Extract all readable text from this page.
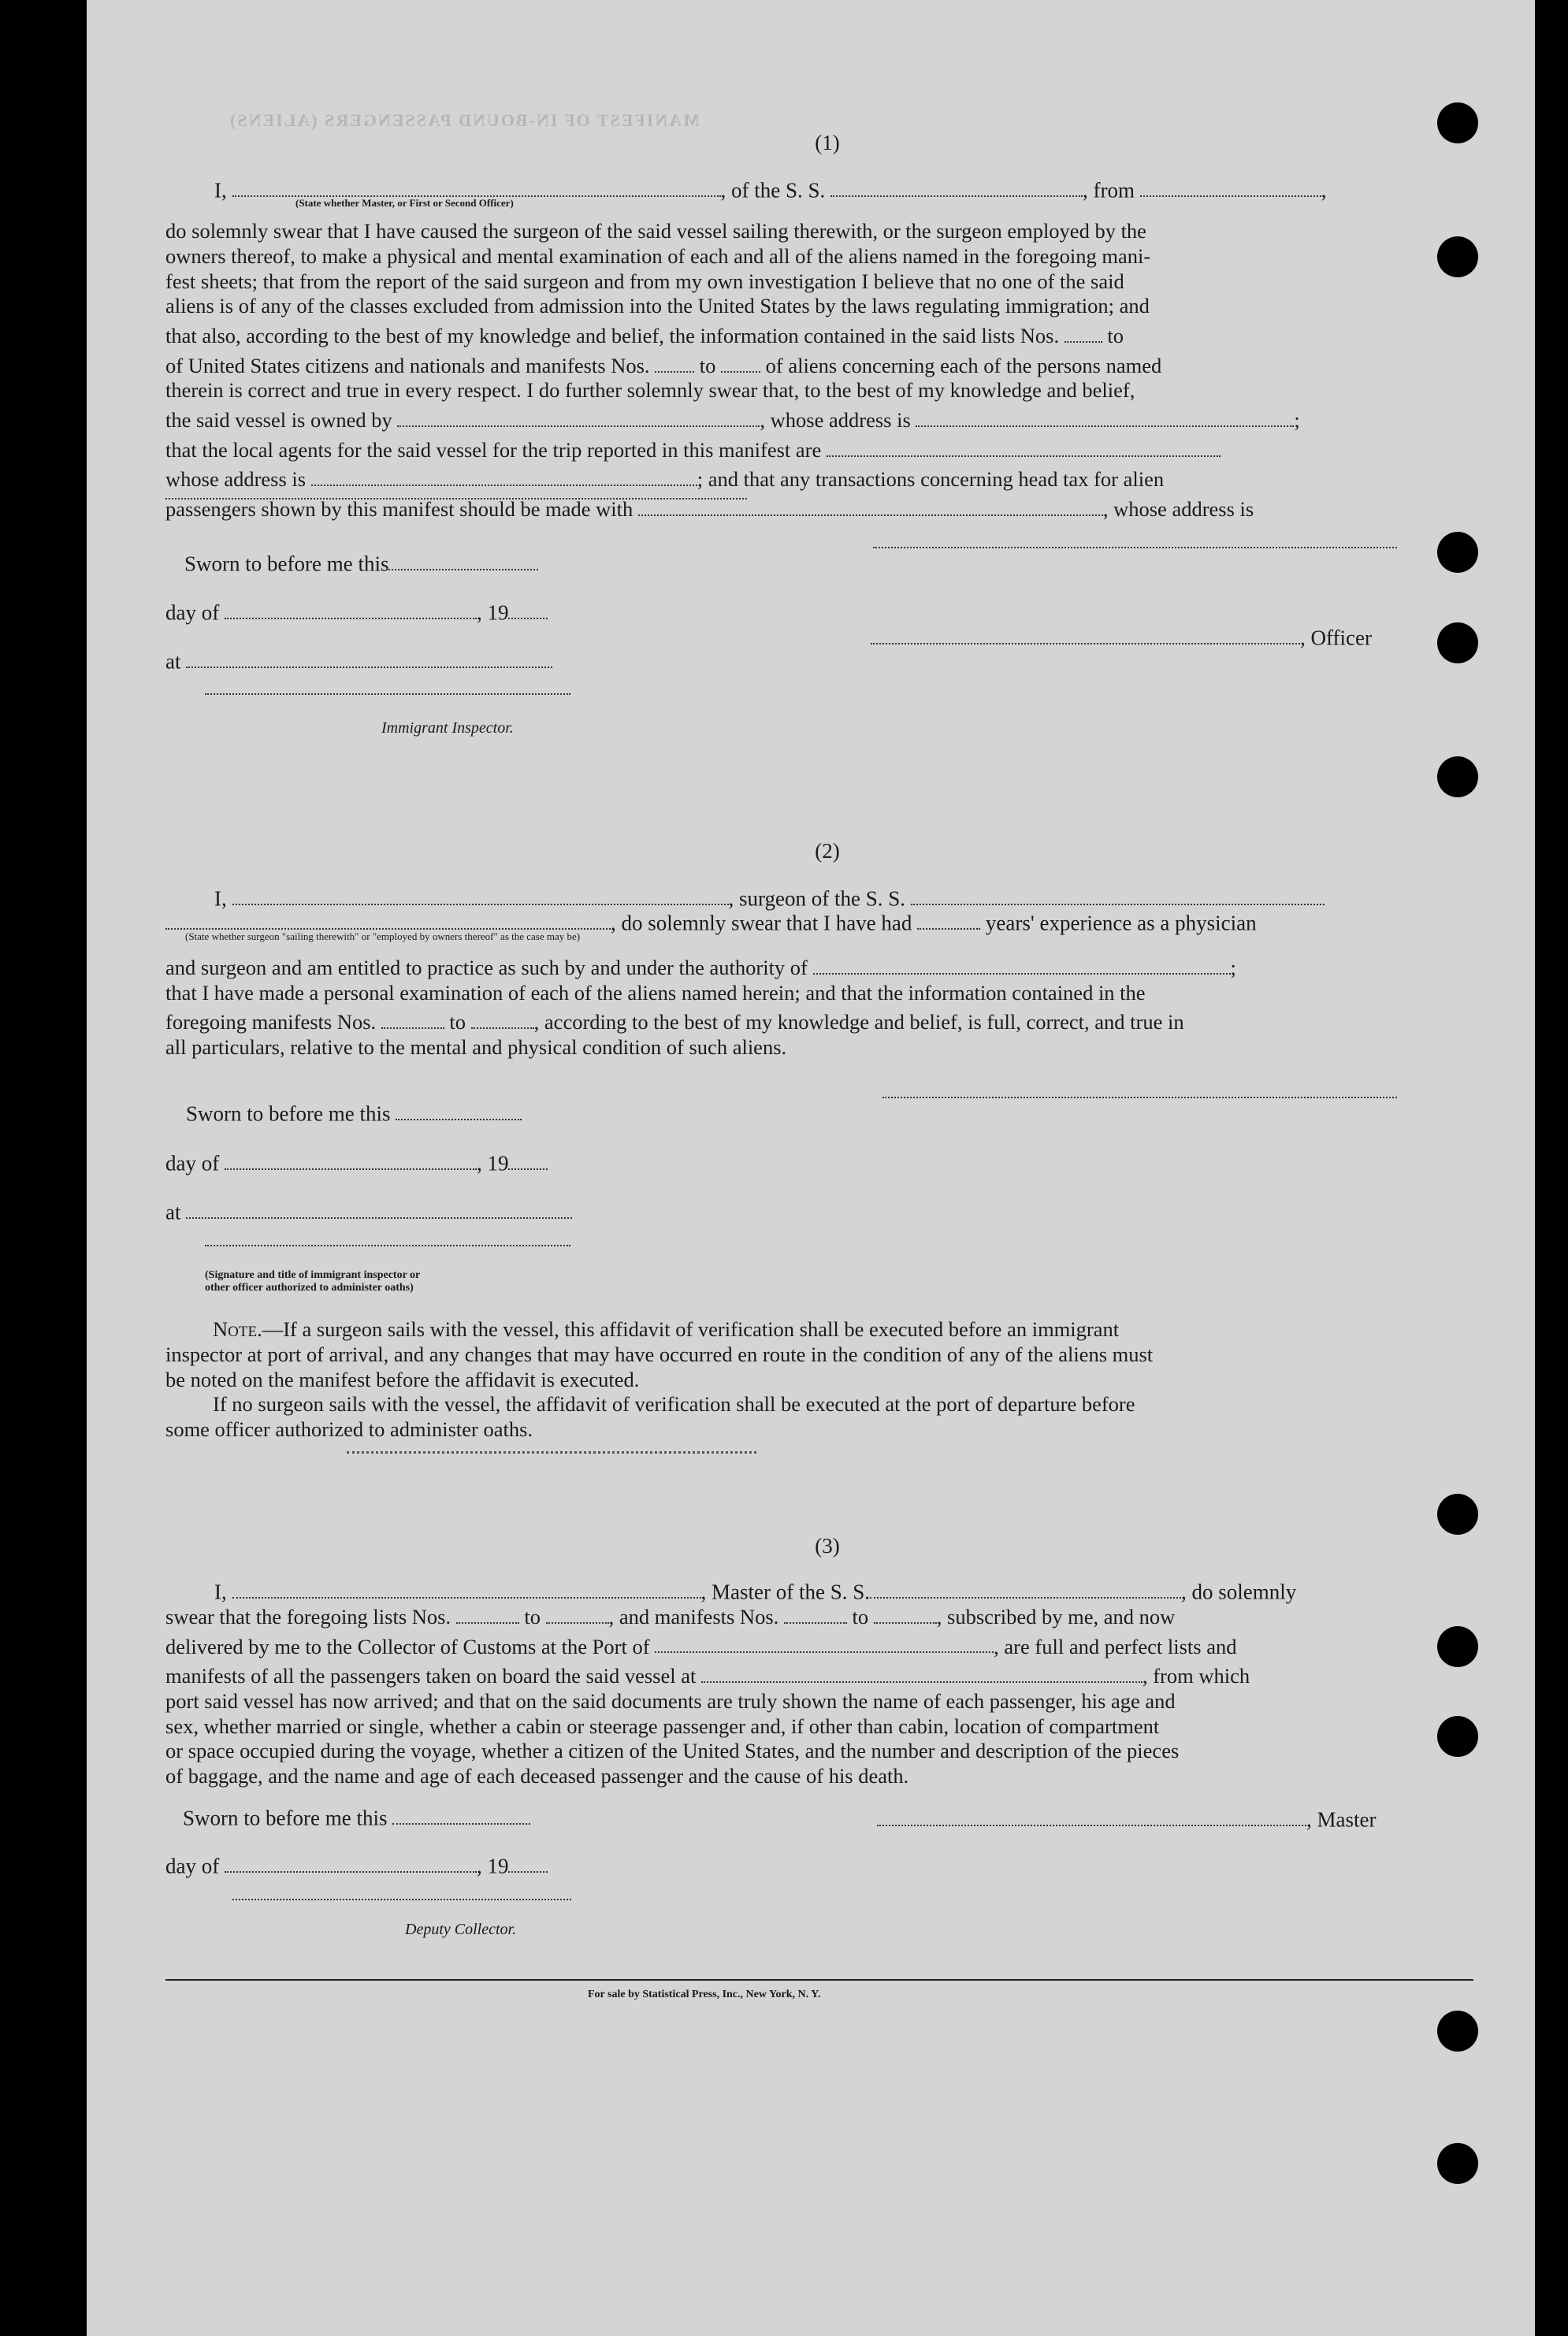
MANIFEST OF IN-BOUND PASSENGERS (ALIENS)
(1)
I,	, of the S. S.	, from	,
(State whether Master, or First or Second Officer)

do solemnly swear that I have caused the surgeon of the said vessel sailing therewith, or the surgeon employed by the

owners thereof, to make a physical and mental examination of each and all of the aliens named in the foregoing mani-

fest sheets; that from the report of the said surgeon and from my own investigation I believe that no one of the said

aliens is of any of the classes excluded from admission into the United States by the laws regulating immigration; and

that also, according to the best of my knowledge and belief, the information contained in the said lists Nos. to

of United States citizens and nationals and manifests Nos. to of aliens concerning each of the persons named

therein is correct and true in every respect. I do further solemnly swear that, to the best of my knowledge and belief,

the said vessel is owned by	, whose address is	;

that the local agents for the said vessel for the trip reported in this manifest are

whose address is	; and that any transactions concerning head tax for alien

passengers shown by this manifest should be made with	, whose address is

Sworn to before me this
day of	, 19
, Officer
at
Immigrant Inspector.
(2)
I,	, surgeon of the S. S.
, do solemnly swear that I have had	years' experience as a physician
(State whether surgeon "sailing therewith" or "employed by owners thereof" as the case may be)

and surgeon and am entitled to practice as such by and under the authority of	;

that I have made a personal examination of each of the aliens named herein; and that the information contained in the

foregoing manifests Nos.	to	, according to the best of my knowledge and belief, is full, correct, and true in

all particulars, relative to the mental and physical condition of such aliens.

Sworn to before me this
day of	, 19
at
(Signature and title of immigrant inspector or
other officer authorized to administer oaths)

Note.—If a surgeon sails with the vessel, this affidavit of verification shall be executed before an immigrant

inspector at port of arrival, and any changes that may have occurred en route in the condition of any of the aliens must

be noted on the manifest before the affidavit is executed.

If no surgeon sails with the vessel, the affidavit of verification shall be executed at the port of departure before

some officer authorized to administer oaths.

(3)
I,	, Master of the S. S.	, do solemnly

swear that the foregoing lists Nos.	to	, and manifests Nos.	to	, subscribed by me, and now

delivered by me to the Collector of Customs at the Port of	, are full and perfect lists and

manifests of all the passengers taken on board the said vessel at	, from which

port said vessel has now arrived; and that on the said documents are truly shown the name of each passenger, his age and

sex, whether married or single, whether a cabin or steerage passenger and, if other than cabin, location of compartment

or space occupied during the voyage, whether a citizen of the United States, and the number and description of the pieces

of baggage, and the name and age of each deceased passenger and the cause of his death.

Sworn to before me this	, Master
day of	, 19
Deputy Collector.
For sale by Statistical Press, Inc., New York, N. Y.
